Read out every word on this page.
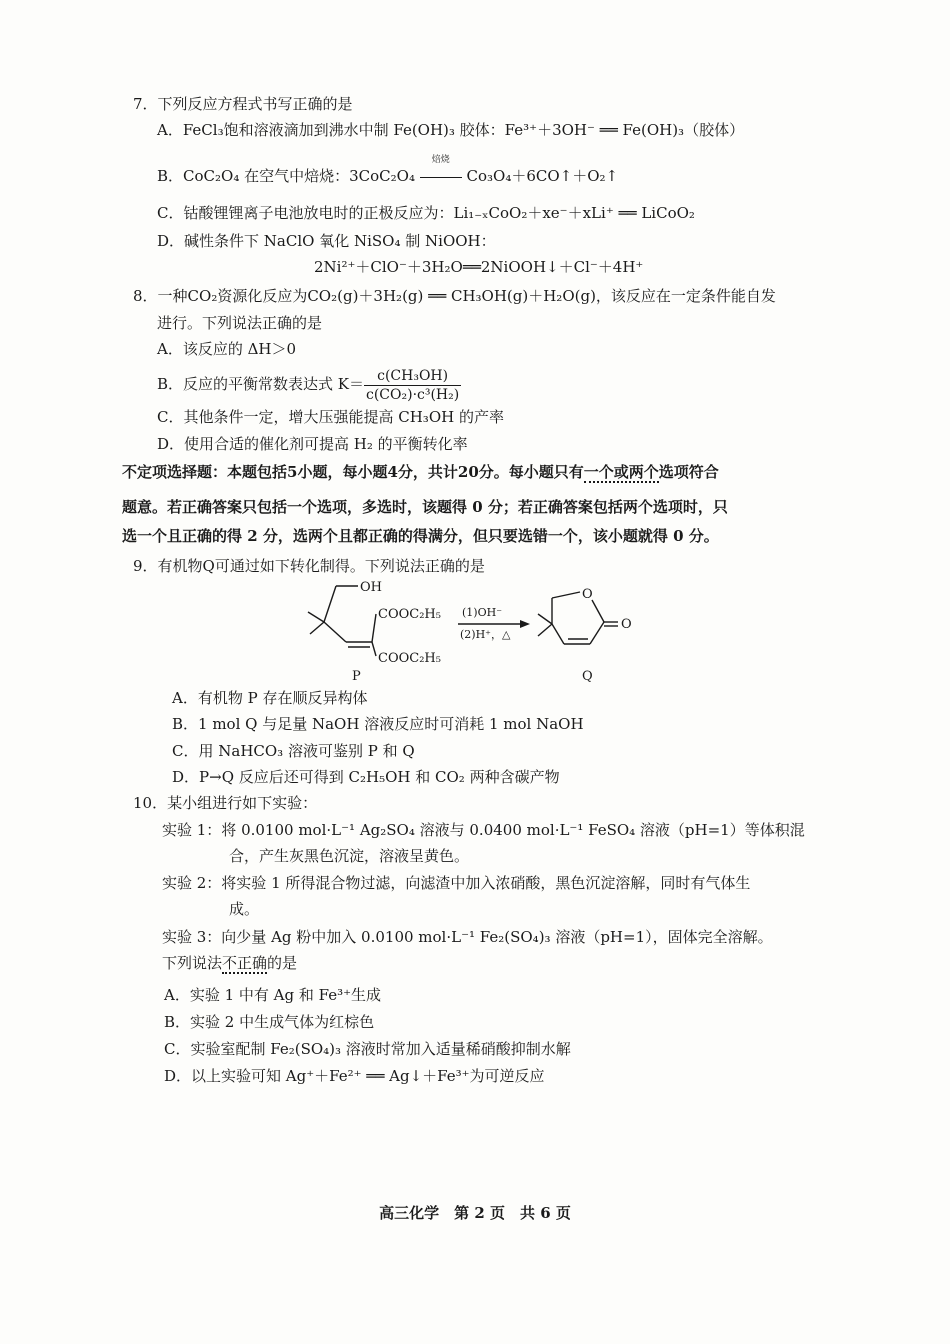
7．下列反应方程式书写正确的是
A．FeCl₃饱和溶液滴加到沸水中制 Fe(OH)₃ 胶体：Fe³⁺＋3OH⁻ ══ Fe(OH)₃（胶体）
B．CoC₂O₄ 在空气中焙烧：3CoC₂O₄
焙烧
Co₃O₄＋6CO↑＋O₂↑
C．钴酸锂锂离子电池放电时的正极反应为：Li₁₋ₓCoO₂＋xe⁻＋xLi⁺ ══ LiCoO₂
D．碱性条件下 NaClO 氧化 NiSO₄ 制 NiOOH：
2Ni²⁺＋ClO⁻＋3H₂O══2NiOOH↓＋Cl⁻＋4H⁺
8．一种CO₂资源化反应为CO₂(g)＋3H₂(g) ══ CH₃OH(g)＋H₂O(g)，该反应在一定条件能自发
进行。下列说法正确的是
A．该反应的 ΔH＞0
B．反应的平衡常数表达式 $K= \frac{\text{c(CH₃OH)}}{\text{c(CO₂)·c³(H₂)}}$
C．其他条件一定，增大压强能提高 CH₃OH 的产率
D．使用合适的催化剂可提高 H₂ 的平衡转化率
不定项选择题：本题包括5小题，每小题4分，共计20分。每小题只有一个或两个选项符合
题意。若正确答案只包括一个选项，多选时，该题得 0 分；若正确答案包括两个选项时，只
选一个且正确的得 2 分，选两个且都正确的得满分，但只要选错一个，该小题就得 0 分。
9．有机物Q可通过如下转化制得。下列说法正确的是
OH
COOC₂H₅
COOC₂H₅
(1)OH⁻
(2)H⁺，△
O
O
P	Q
A．有机物 P 存在顺反异构体
B．1 mol Q 与足量 NaOH 溶液反应时可消耗 1 mol NaOH
C．用 NaHCO₃ 溶液可鉴别 P 和 Q
D．P→Q 反应后还可得到 C₂H₅OH 和 CO₂ 两种含碳产物
10．某小组进行如下实验：
实验 1：将 0.0100 mol·L⁻¹ Ag₂SO₄ 溶液与 0.0400 mol·L⁻¹ FeSO₄ 溶液（pH=1）等体积混
合，产生灰黑色沉淀，溶液呈黄色。
实验 2：将实验 1 所得混合物过滤，向滤渣中加入浓硝酸，黑色沉淀溶解，同时有气体生
成。
实验 3：向少量 Ag 粉中加入 0.0100 mol·L⁻¹ Fe₂(SO₄)₃ 溶液（pH=1），固体完全溶解。
下列说法不正确的是
A．实验 1 中有 Ag 和 Fe³⁺生成
B．实验 2 中生成气体为红棕色
C．实验室配制 Fe₂(SO₄)₃ 溶液时常加入适量稀硝酸抑制水解
D．以上实验可知 Ag⁺＋Fe²⁺ ══ Ag↓＋Fe³⁺为可逆反应
高三化学　第 2 页　共 6 页
